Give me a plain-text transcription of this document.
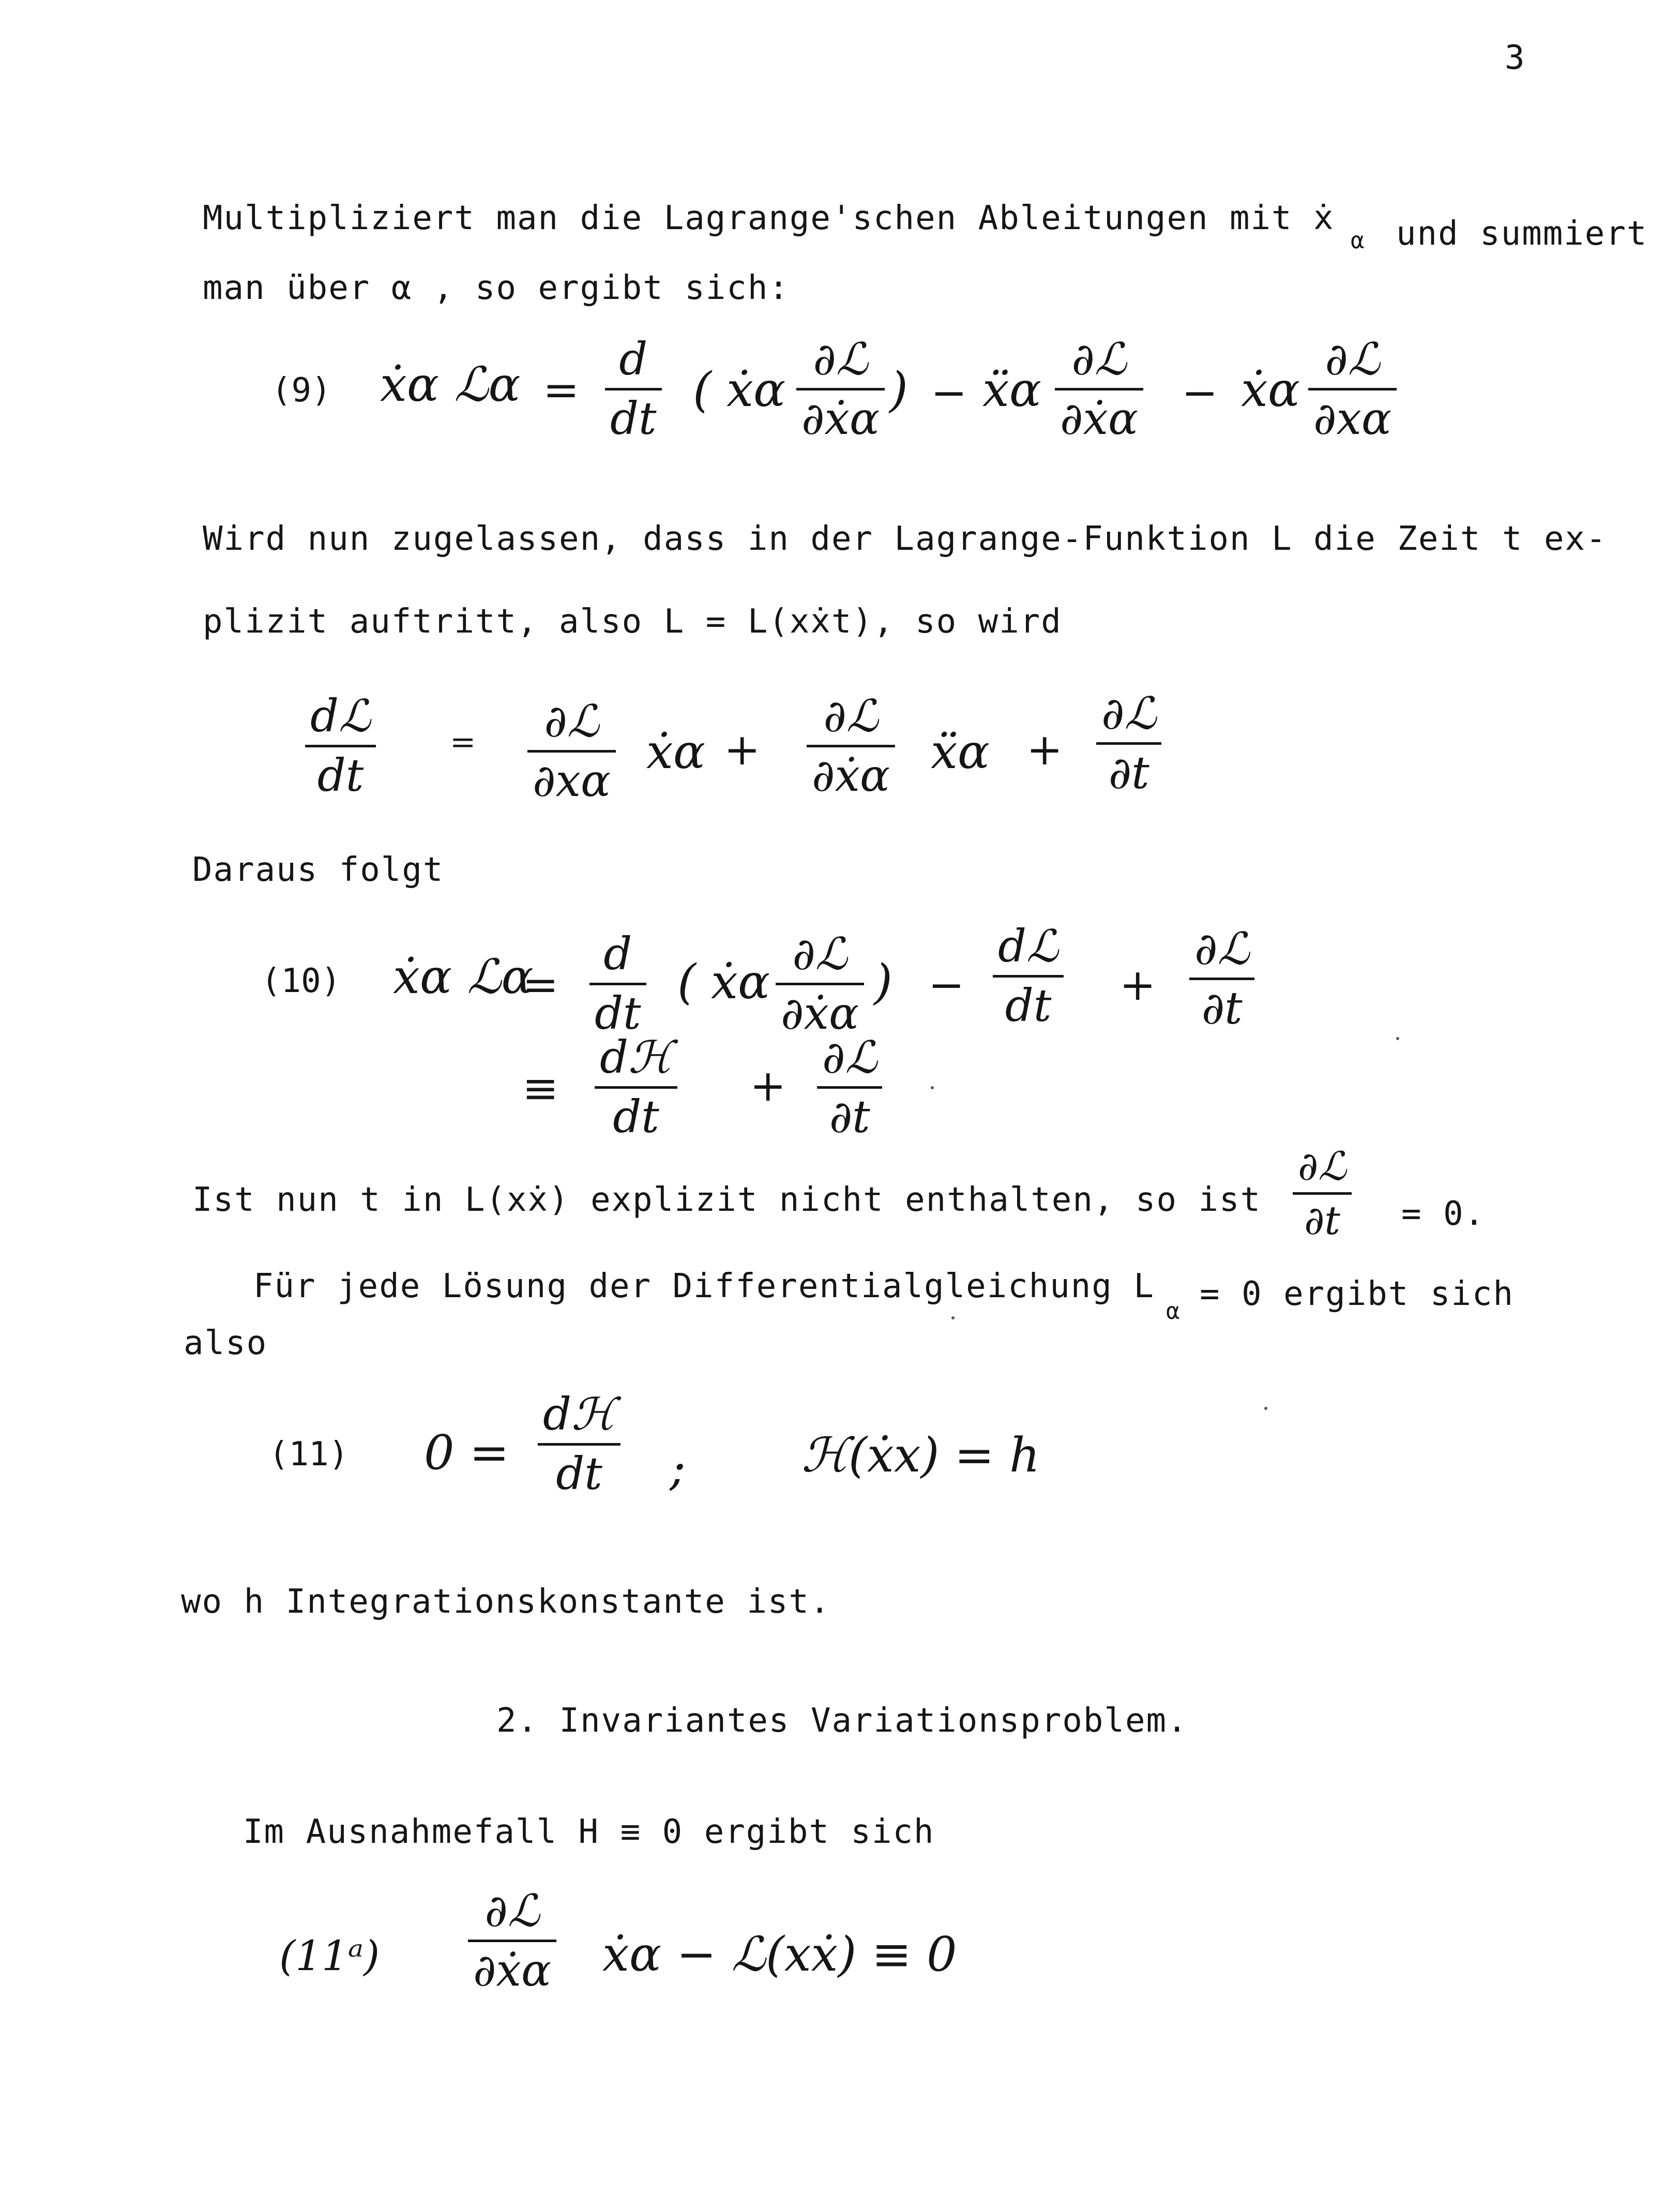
3
Multipliziert man die Lagrange'schen Ableitungen mit ẋ
α und summiert
man über α , so ergibt sich:
(9) ẋα ℒα =
d
dt
( ẋα
∂ℒ
∂ẋα
) − ẍα
∂ℒ
∂ẋα
− ẋα
∂ℒ
∂xα
Wird nun zugelassen, dass in der Lagrange-Funktion L die Zeit t ex-
plizit auftritt, also L = L(xẋt), so wird
dℒ
dt
= ∂ℒ
∂xα
ẋα +
∂ℒ
∂ẋα ẍα +
∂ℒ
∂t
Daraus folgt
(10) ẋα ℒα
=
d
dt
( ẋα ∂ℒ
∂ẋα
) −
dℒ
dt +
∂ℒ
∂t
≡
dℋ
dt
+
∂ℒ
∂t
Ist nun t in L(xẋ) explizit nicht enthalten, so ist
∂ℒ
∂t = 0.
Für jede Lösung der Differentialgleichung L
α = 0 ergibt sich
also
(11) 0 =
dℋ
dt ; ℋ(ẋx) = h
wo h Integrationskonstante ist.
2. Invariantes Variationsproblem.
Im Ausnahmefall H ≡ 0 ergibt sich
(11ᵃ)
∂ℒ
∂ẋα ẋα − ℒ(xẋ) ≡ 0
